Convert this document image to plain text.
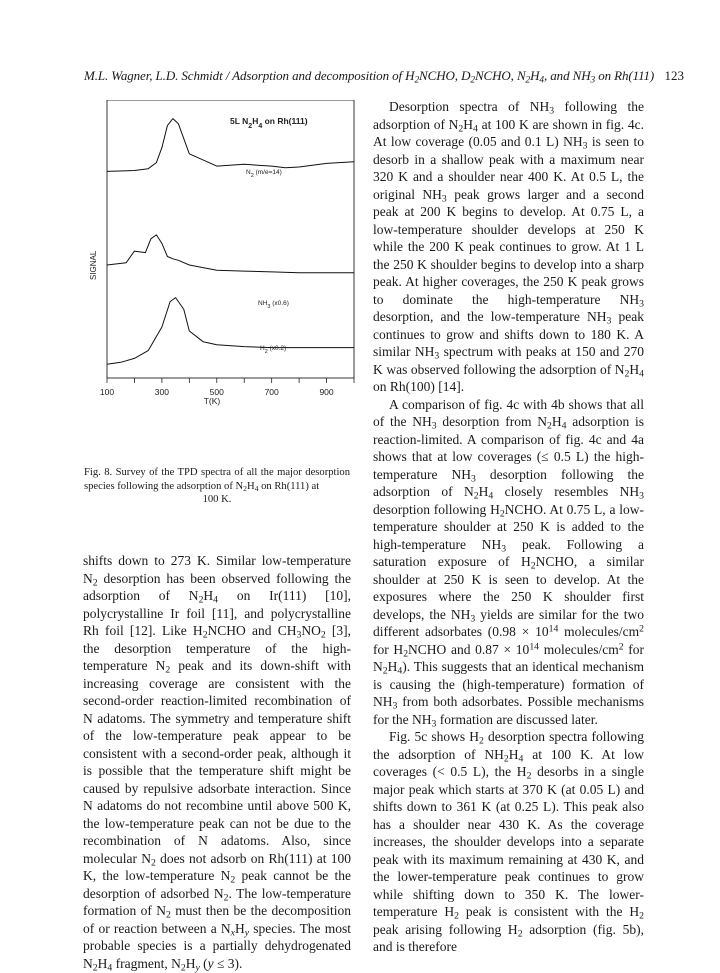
M.L. Wagner, L.D. Schmidt / Adsorption and decomposition of $H_2NCHO$, $D_2NCHO$, $N_2H_4$, and $NH_3$ on Rh(111) 123
5L $N_2H_4$ on Rh(111)
SIGNAL
T(K)
100	300	500	700	900
$N_2$ (m/e=14)
$NH_3$ (x0.6)
$H_2$ (x0.2)
Fig. 8. Survey of the TPD spectra of all the major desorption species following the adsorption of $N_2H_4$ on Rh(111) at
100 K.

shifts down to 273 K. Similar low-temperature $N_2$ desorption has been observed following the adsorption of $N_2H_4$ on Ir(111) [10], polycrystalline Ir foil [11], and polycrystalline Rh foil [12]. Like $H_2NCHO$ and $CH_3NO_2$ [3], the desorption temperature of the high-temperature $N_2$ peak and its down-shift with increasing coverage are consistent with the second-order reaction-limited recombination of N adatoms. The symmetry and temperature shift of the low-temperature peak appear to be consistent with a second-order peak, although it is possible that the temperature shift might be caused by repulsive adsorbate interaction. Since N adatoms do not recombine until above 500 K, the low-temperature peak can not be due to the recombination of N adatoms. Also, since molecular $N_2$ does not adsorb on Rh(111) at 100 K, the low-temperature $N_2$ peak cannot be the desorption of adsorbed $N_2$. The low-temperature formation of $N_2$ must then be the decomposition of or reaction between a $N_xH_y$ species. The most probable species is a partially dehydrogenated $N_2H_4$ fragment, $N_2H_y$ (y ≤ 3).

Desorption spectra of $NH_3$ following the adsorption of $N_2H_4$ at 100 K are shown in fig. 4c. At low coverage (0.05 and 0.1 L) $NH_3$ is seen to desorb in a shallow peak with a maximum near 320 K and a shoulder near 400 K. At 0.5 L, the original $NH_3$ peak grows larger and a second peak at 200 K begins to develop. At 0.75 L, a low-temperature shoulder develops at 250 K while the 200 K peak continues to grow. At 1 L the 250 K shoulder begins to develop into a sharp peak. At higher coverages, the 250 K peak grows to dominate the high-temperature $NH_3$ desorption, and the low-temperature $NH_3$ peak continues to grow and shifts down to 180 K. A similar $NH_3$ spectrum with peaks at 150 and 270 K was observed following the adsorption of $N_2H_4$ on Rh(100) [14].

A comparison of fig. 4c with 4b shows that all of the $NH_3$ desorption from $N_2H_4$ adsorption is reaction-limited. A comparison of fig. 4c and 4a shows that at low coverages (≤ 0.5 L) the high-temperature $NH_3$ desorption following the adsorption of $N_2H_4$ closely resembles $NH_3$ desorption following $H_2NCHO$. At 0.75 L, a low-temperature shoulder at 250 K is added to the high-temperature $NH_3$ peak. Following a saturation exposure of $H_2NCHO$, a similar shoulder at 250 K is seen to develop. At the exposures where the 250 K shoulder first develops, the $NH_3$ yields are similar for the two different adsorbates ($0.98 \times 10^{14}$ molecules/$cm^2$ for $H_2NCHO$ and $0.87 \times 10^{14}$ molecules/$cm^2$ for $N_2H_4$). This suggests that an identical mechanism is causing the (high-temperature) formation of $NH_3$ from both adsorbates. Possible mechanisms for the $NH_3$ formation are discussed later.

Fig. 5c shows $H_2$ desorption spectra following the adsorption of $NH_2H_4$ at 100 K. At low coverages (< 0.5 L), the $H_2$ desorbs in a single major peak which starts at 370 K (at 0.05 L) and shifts down to 361 K (at 0.25 L). This peak also has a shoulder near 430 K. As the coverage increases, the shoulder develops into a separate peak with its maximum remaining at 430 K, and the lower-temperature peak continues to grow while shifting down to 350 K. The lower-temperature $H_2$ peak is consistent with the $H_2$ peak arising following $H_2$ adsorption (fig. 5b), and is therefore
